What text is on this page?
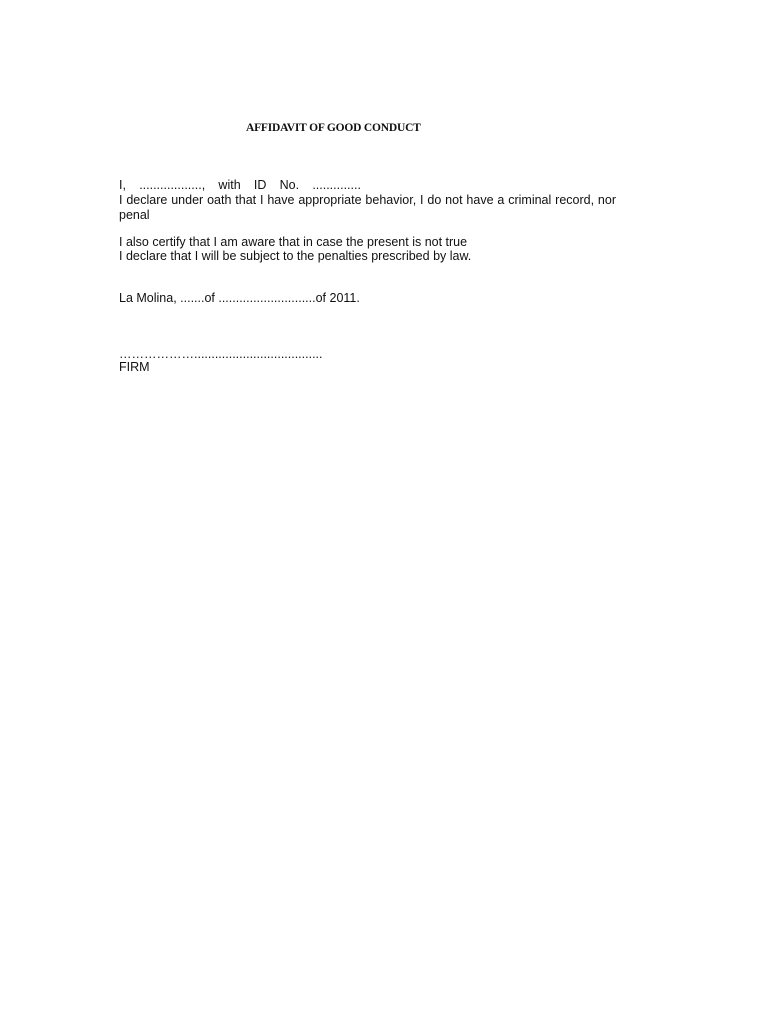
AFFIDAVIT OF GOOD CONDUCT
I, .................., with ID No. ..............
I declare under oath that I have appropriate behavior, I do not have a criminal record, nor penal
I also certify that I am aware that in case the present is not true
I declare that I will be subject to the penalties prescribed by law.
La Molina, .......of ............................of 2011.
……………….....................................
FIRM
